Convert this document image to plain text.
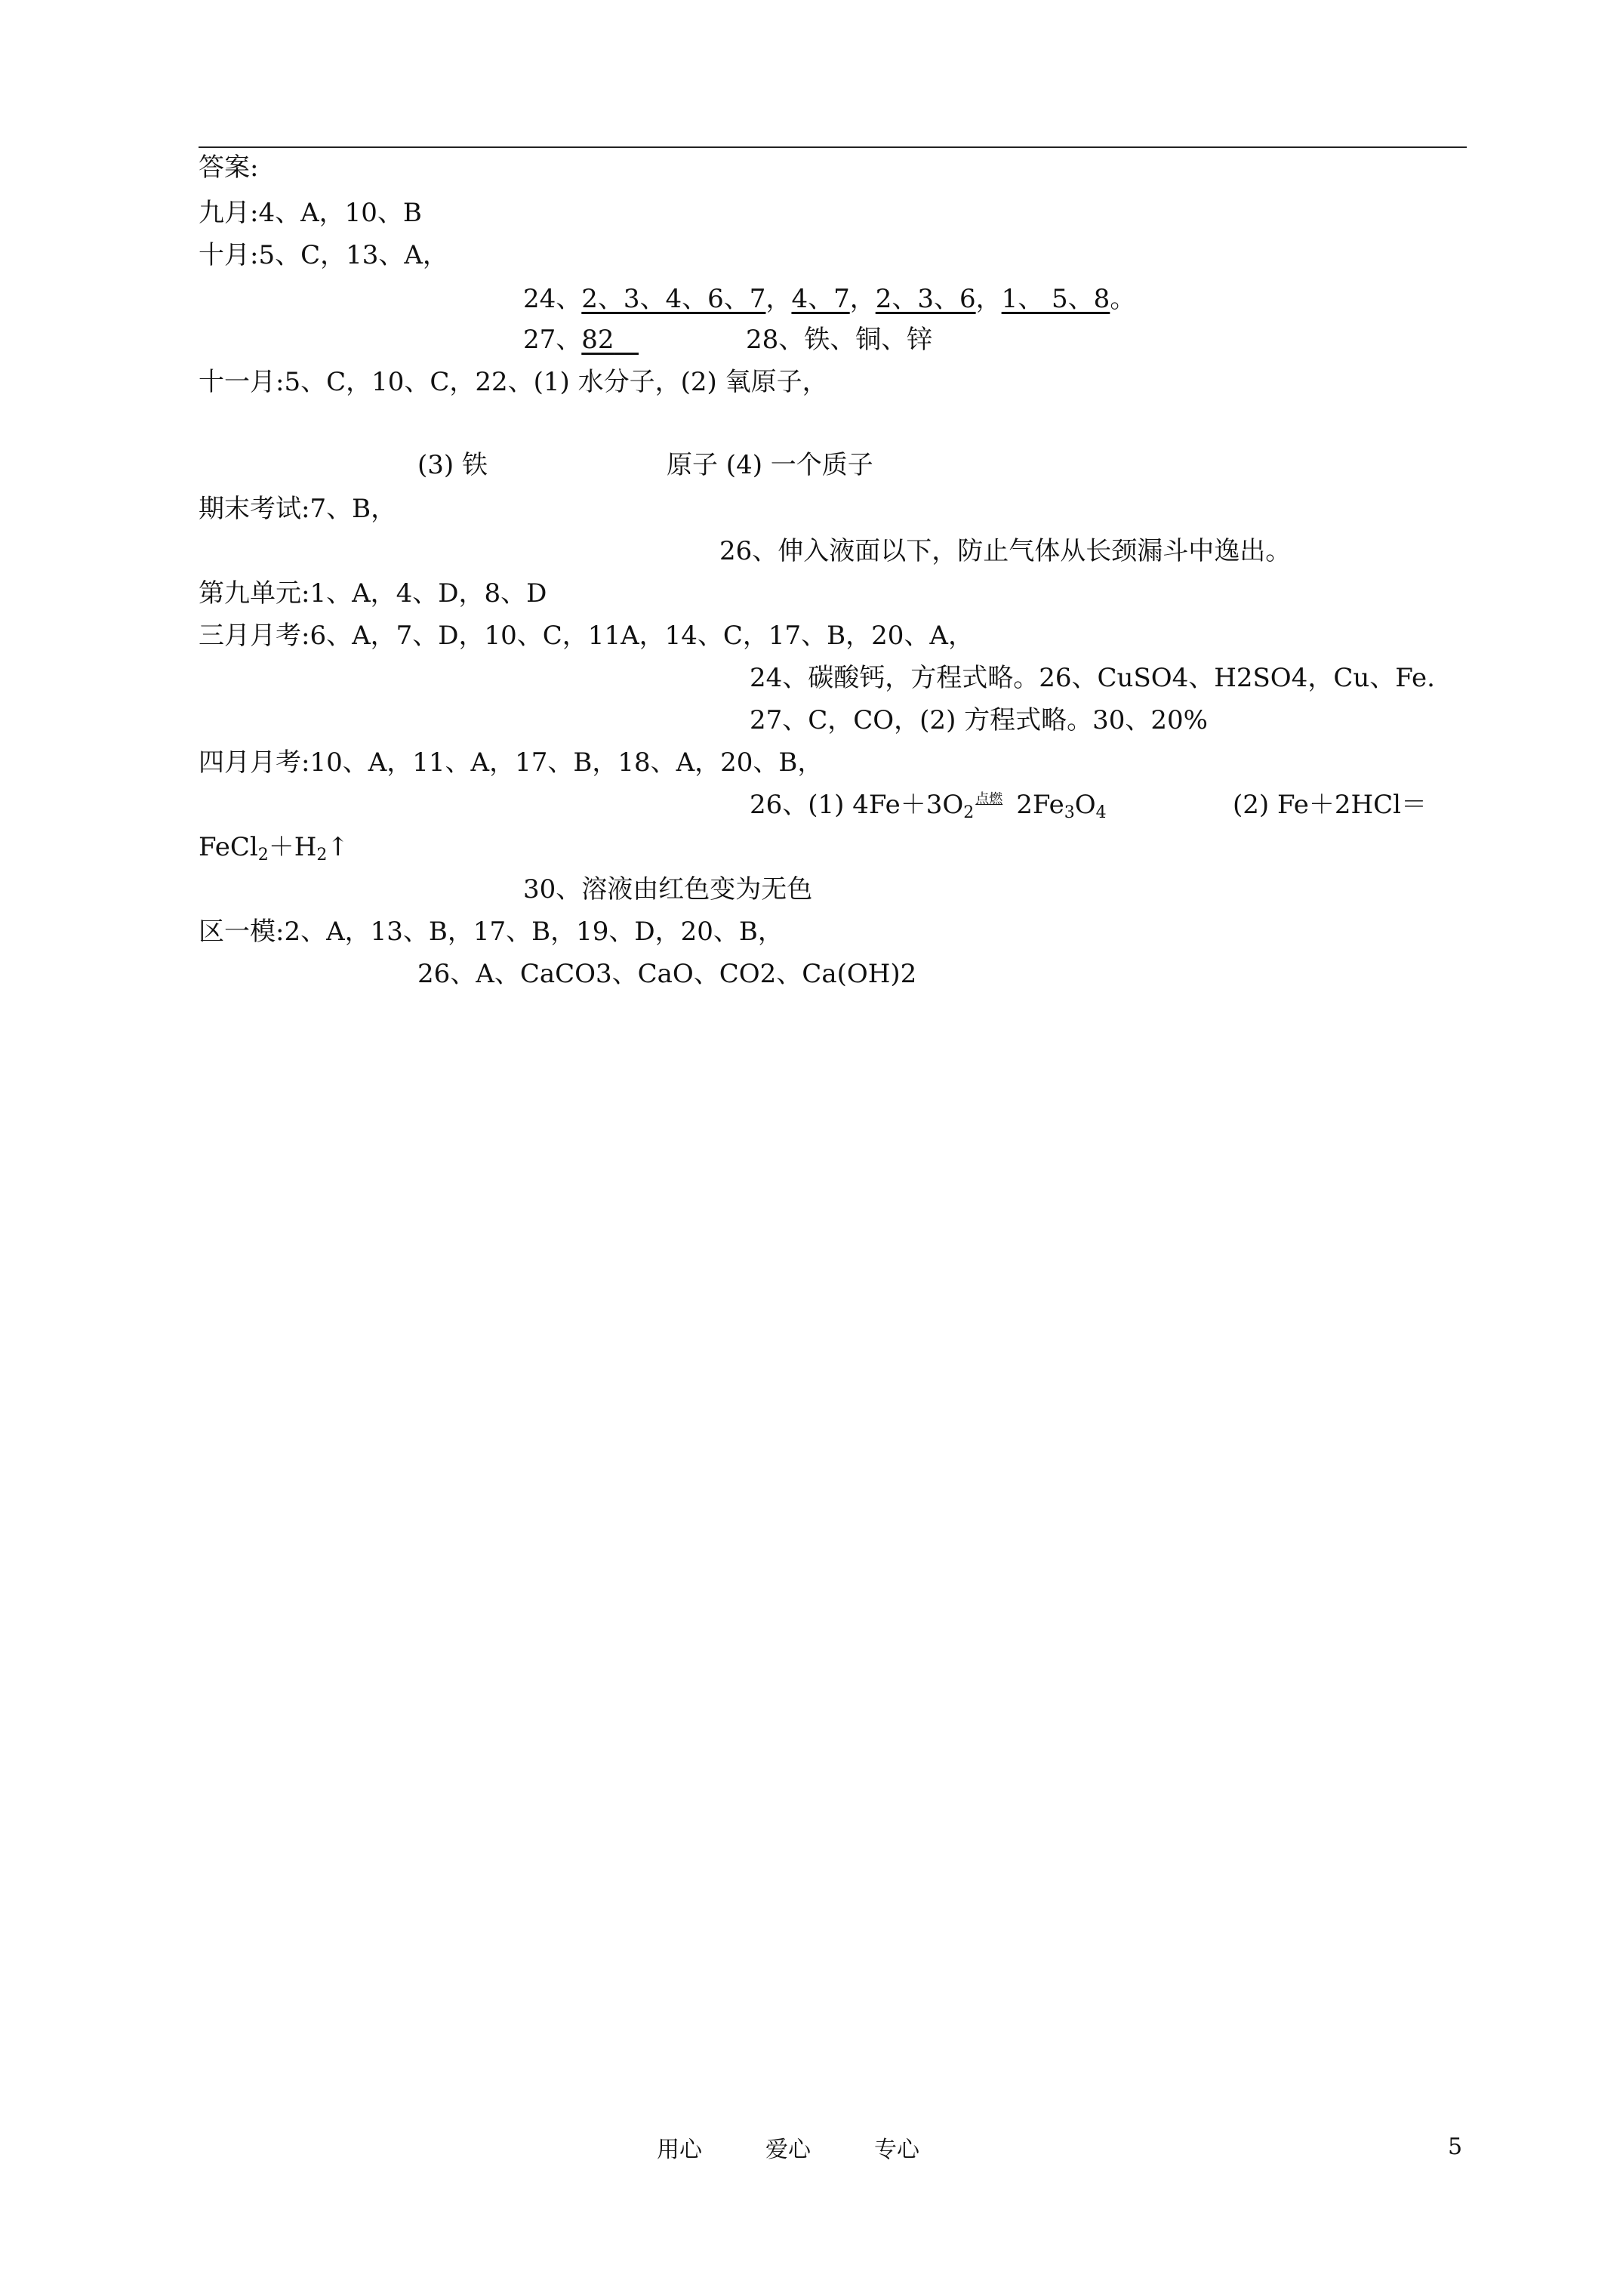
答案:
九月:4、A，10、B
十月:5、C，13、A，
24、2、3、4、6、7，4、7，2、3、6，1、 5、8。
27、82	28、铁、铜、锌
十一月:5、C，10、C，22、(1) 水分子，(2) 氧原子，
(3) 铁	原子 (4) 一个质子
期末考试:7、B，
26、伸入液面以下，防止气体从长颈漏斗中逸出。
第九单元:1、A，4、D，8、D
三月月考:6、A，7、D，10、C，11A，14、C，17、B，20、A，
24、碳酸钙，方程式略。26、CuSO4、H2SO4，Cu、Fe.
27、C，CO，(2) 方程式略。30、20%
四月月考:10、A，11、A，17、B，18、A，20、B，
26、(1) $4Fe+3O_2$
点燃 $2Fe_3O_4$	(2) Fe＋2HCl＝
$FeCl_2+H_2↑$
30、溶液由红色变为无色
区一模:2、A，13、B，17、B，19、D，20、B，
26、A、CaCO3、CaO、CO2、Ca(OH)2
用心	爱心	专心	5
